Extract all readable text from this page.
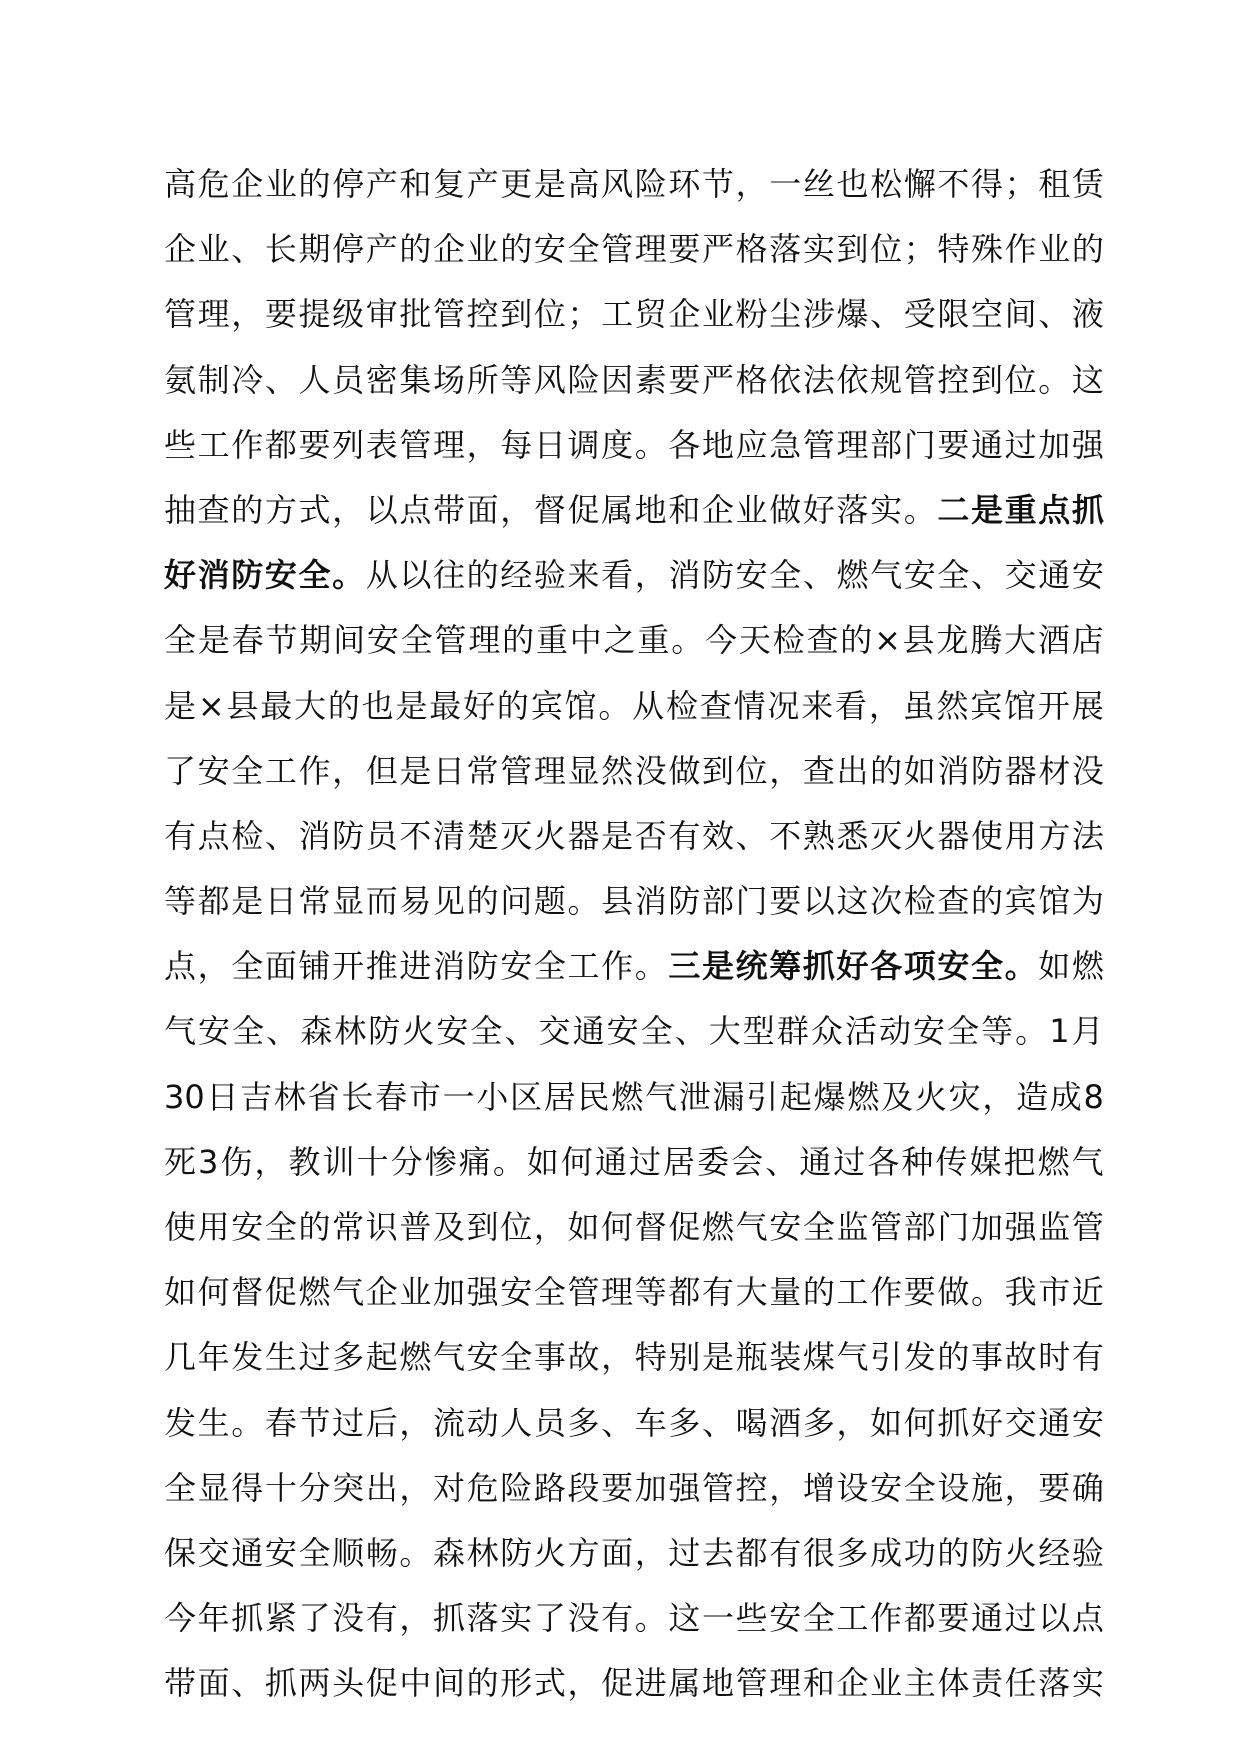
高 危 企 业 的 停 产 和 复 产 更 是 高 风 险 环 节 ， 一 丝 也 松 懈 不 得 ； 租 赁
企 业 、 长 期 停 产 的 企 业 的 安 全 管 理 要 严 格 落 实 到 位 ； 特 殊 作 业 的
管 理 ， 要 提 级 审 批 管 控 到 位 ； 工 贸 企 业 粉 尘 涉 爆 、 受 限 空 间 、 液
氨 制 冷 、 人 员 密 集 场 所 等 风 险 因 素 要 严 格 依 法 依 规 管 控 到 位 。 这
些 工 作 都 要 列 表 管 理 ， 每 日 调 度 。 各 地 应 急 管 理 部 门 要 通 过 加 强
抽 查 的 方 式 ， 以 点 带 面 ， 督 促 属 地 和 企 业 做 好 落 实 。 二 是 重 点 抓
好 消 防 安 全 。 从 以 往 的 经 验 来 看 ， 消 防 安 全 、 燃 气 安 全 、 交 通 安
全 是 春 节 期 间 安 全 管 理 的 重 中 之 重 。 今 天 检 查 的 × 县 龙 腾 大 酒 店
是 × 县 最 大 的 也 是 最 好 的 宾 馆 。 从 检 查 情 况 来 看 ， 虽 然 宾 馆 开 展
了 安 全 工 作 ， 但 是 日 常 管 理 显 然 没 做 到 位 ， 查 出 的 如 消 防 器 材 没
有 点 检 、 消 防 员 不 清 楚 灭 火 器 是 否 有 效 、 不 熟 悉 灭 火 器 使 用 方 法
等 都 是 日 常 显 而 易 见 的 问 题 。 县 消 防 部 门 要 以 这 次 检 查 的 宾 馆 为
点 ， 全 面 铺 开 推 进 消 防 安 全 工 作 。 三 是 统 筹 抓 好 各 项 安 全 。 如 燃
气 安 全 、 森 林 防 火 安 全 、 交 通 安 全 、 大 型 群 众 活 动 安 全 等 。 1 月
30 日 吉 林 省 长 春 市 一 小 区 居 民 燃 气 泄 漏 引 起 爆 燃 及 火 灾 ， 造 成 8
死 3 伤 ， 教 训 十 分 惨 痛 。 如 何 通 过 居 委 会 、 通 过 各 种 传 媒 把 燃 气
使 用 安 全 的 常 识 普 及 到 位 ， 如 何 督 促 燃 气 安 全 监 管 部 门 加 强 监 管
如 何 督 促 燃 气 企 业 加 强 安 全 管 理 等 都 有 大 量 的 工 作 要 做 。 我 市 近
几 年 发 生 过 多 起 燃 气 安 全 事 故 ， 特 别 是 瓶 装 煤 气 引 发 的 事 故 时 有
发 生 。 春 节 过 后 ， 流 动 人 员 多 、 车 多 、 喝 酒 多 ， 如 何 抓 好 交 通 安
全 显 得 十 分 突 出 ， 对 危 险 路 段 要 加 强 管 控 ， 增 设 安 全 设 施 ， 要 确
保 交 通 安 全 顺 畅 。 森 林 防 火 方 面 ， 过 去 都 有 很 多 成 功 的 防 火 经 验
今 年 抓 紧 了 没 有 ， 抓 落 实 了 没 有 。 这 一 些 安 全 工 作 都 要 通 过 以 点
带 面 、 抓 两 头 促 中 间 的 形 式 ， 促 进 属 地 管 理 和 企 业 主 体 责 任 落 实
